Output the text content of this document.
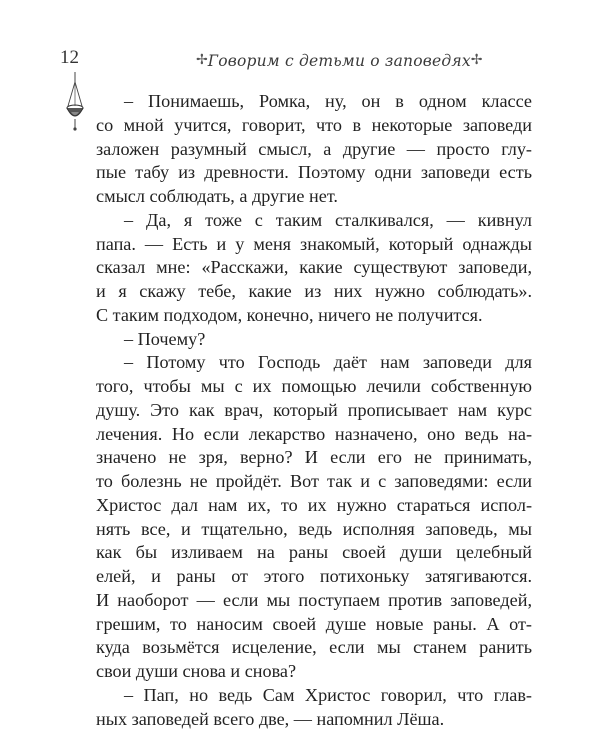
12	✢ Говорим с детьми о заповедях ✢
– Понимаешь, Ромка, ну, он в одном классе
со мной учится, говорит, что в некоторые заповеди
заложен разумный смысл, а другие — просто глу-
пые табу из древности. Поэтому одни заповеди есть
смысл соблюдать, а другие нет.
– Да, я тоже с таким сталкивался, — кивнул
папа. — Есть и у меня знакомый, который однажды
сказал мне: «Расскажи, какие существуют заповеди,
и я скажу тебе, какие из них нужно соблюдать».
С таким подходом, конечно, ничего не получится.
– Почему?
– Потому что Господь даёт нам заповеди для
того, чтобы мы с их помощью лечили собственную
душу. Это как врач, который прописывает нам курс
лечения. Но если лекарство назначено, оно ведь на-
значено не зря, верно? И если его не принимать,
то болезнь не пройдёт. Вот так и с заповедями: если
Христос дал нам их, то их нужно стараться испол-
нять все, и тщательно, ведь исполняя заповедь, мы
как бы изливаем на раны своей души целебный
елей, и раны от этого потихоньку затягиваются.
И наоборот — если мы поступаем против заповедей,
грешим, то наносим своей душе новые раны. А от-
куда возьмётся исцеление, если мы станем ранить
свои души снова и снова?
– Пап, но ведь Сам Христос говорил, что глав-
ных заповедей всего две, — напомнил Лёша.
